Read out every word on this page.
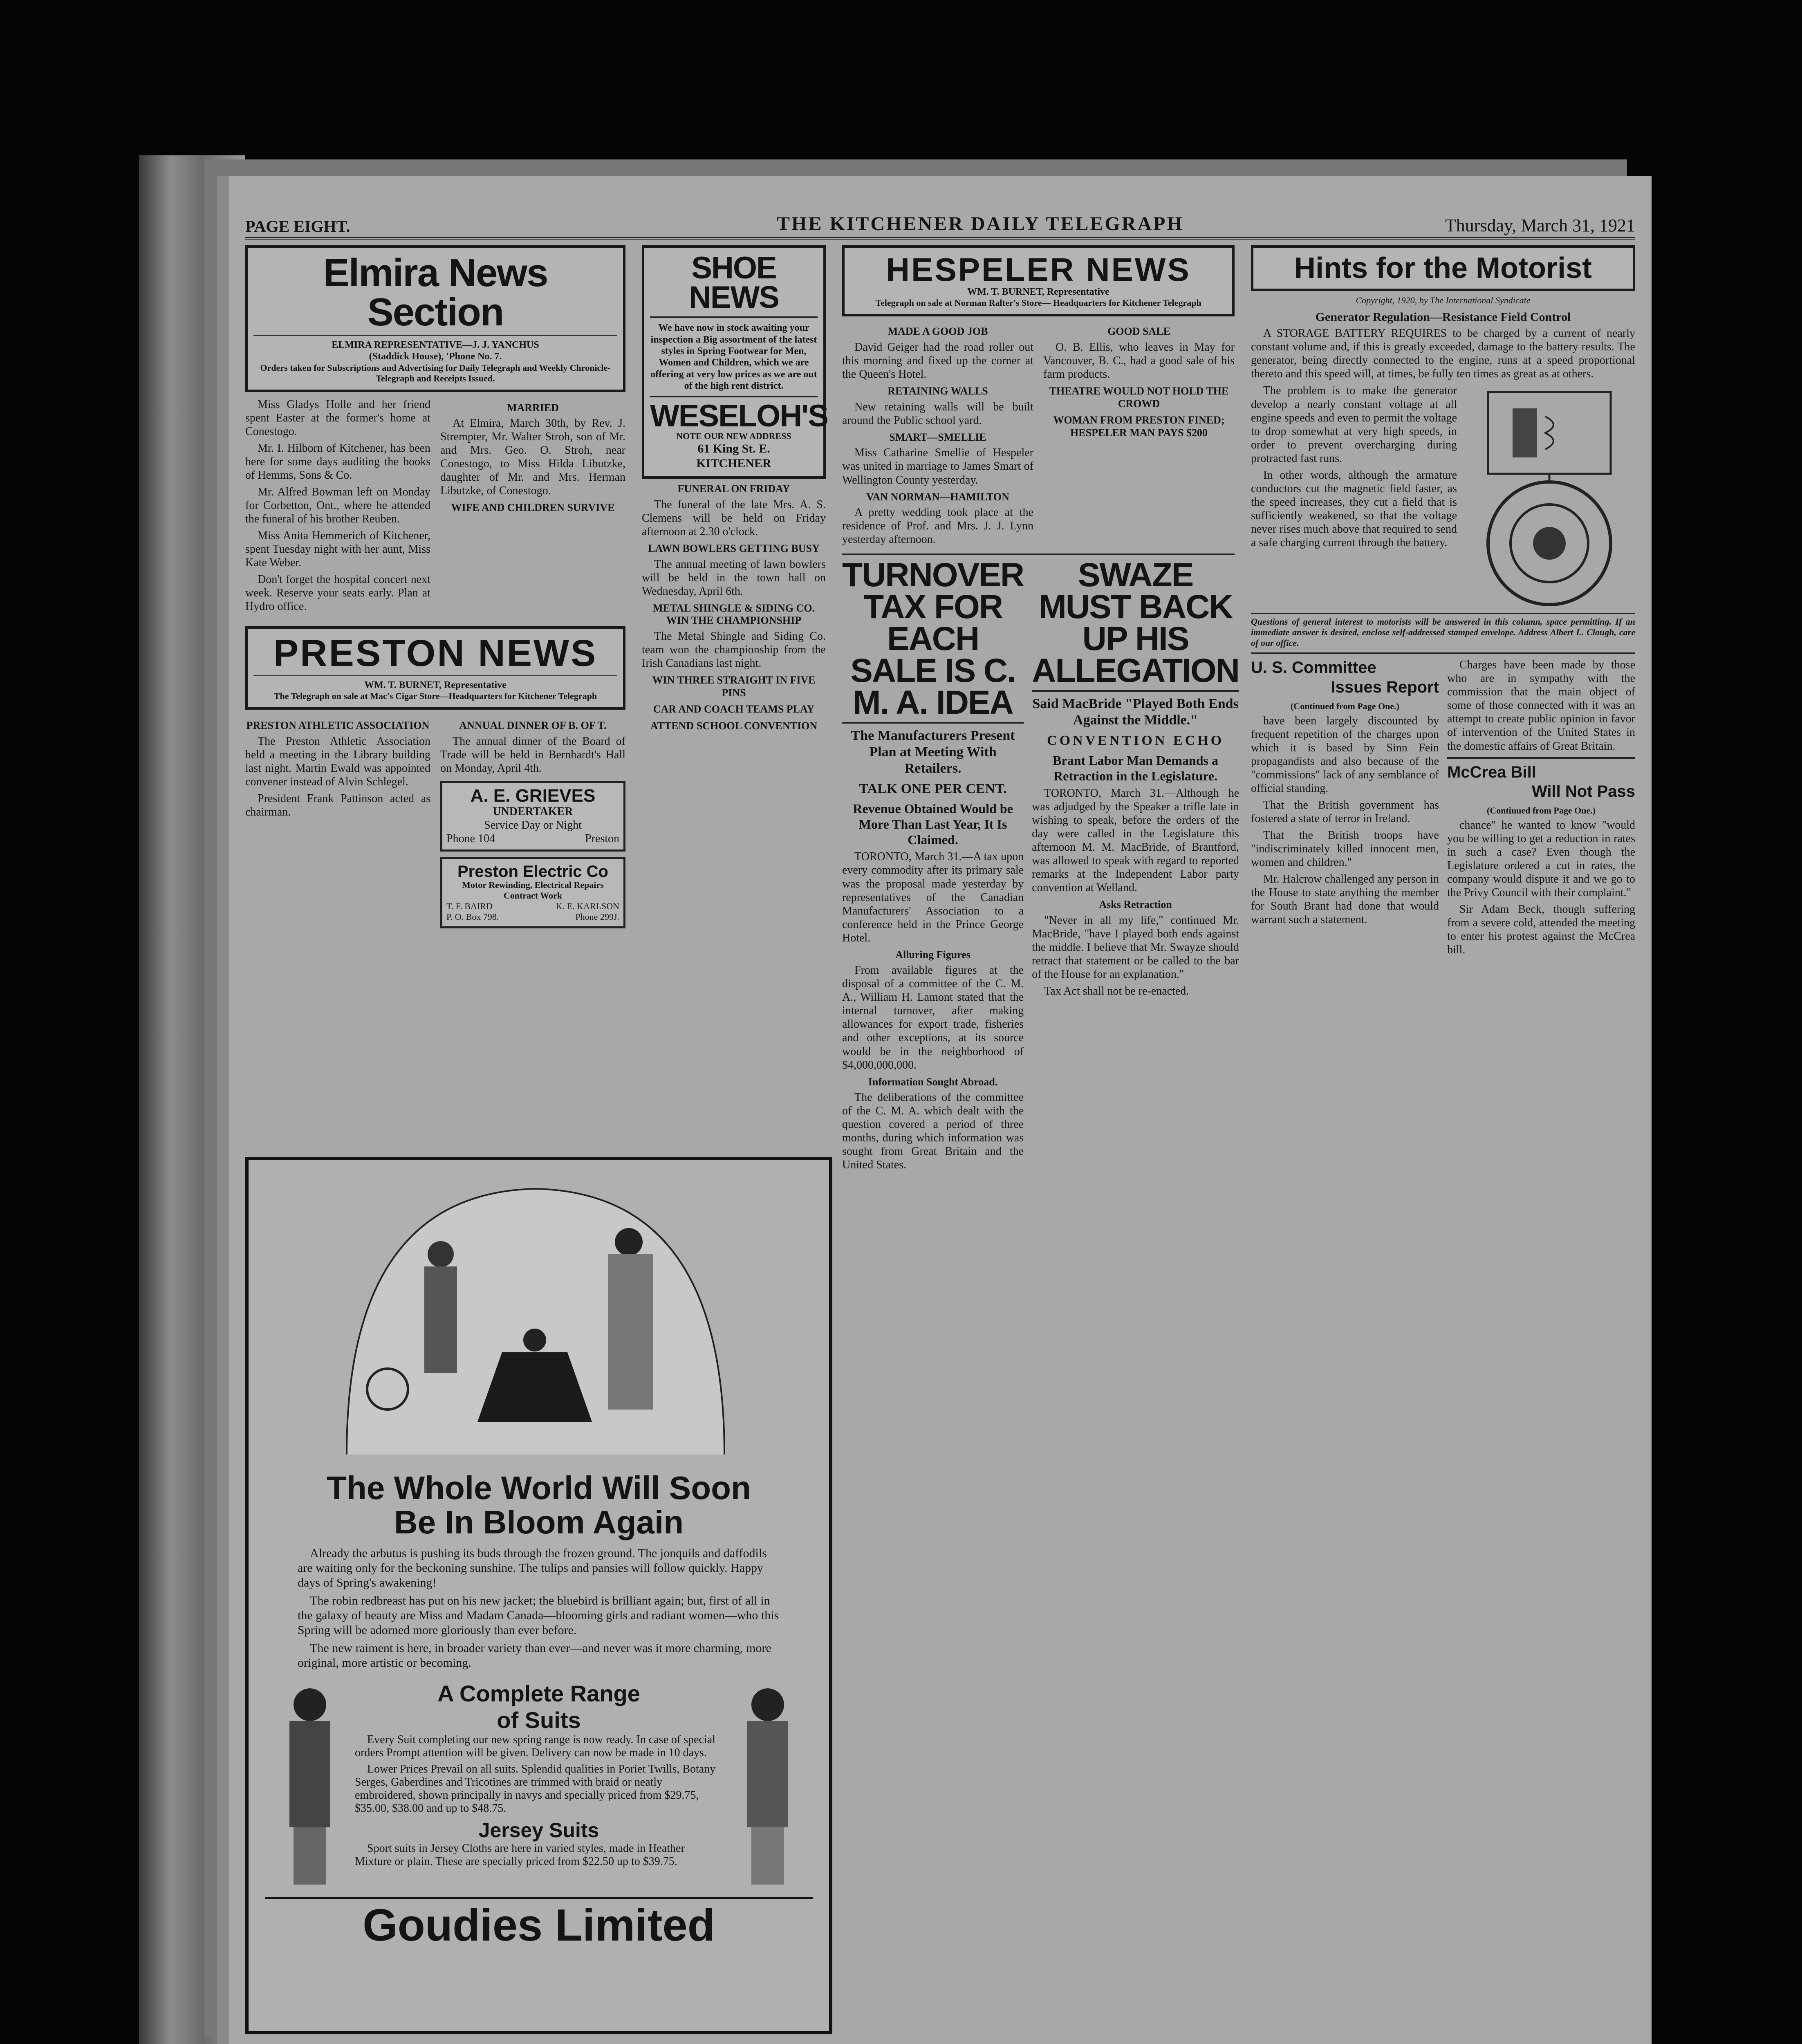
PAGE EIGHT.	THE KITCHENER DAILY TELEGRAPH	Thursday, March 31, 1921
Elmira News Section
ELMIRA REPRESENTATIVE—J. J. YANCHUS
(Staddick House), 'Phone No. 7.
Orders taken for Subscriptions and Advertising for Daily Telegraph and Weekly Chronicle-Telegraph and Receipts Issued.

Miss Gladys Holle and her friend spent Easter at the former's home at Conestogo.

Mr. I. Hilborn of Kitchener, has been here for some days auditing the books of Hemms, Sons & Co.

Mr. Alfred Bowman left on Monday for Corbetton, Ont., where he attended the funeral of his brother Reuben.

Miss Anita Hemmerich of Kitchener, spent Tuesday night with her aunt, Miss Kate Weber.

Don't forget the hospital concert next week. Reserve your seats early. Plan at Hydro office.

MARRIED

At Elmira, March 30th, by Rev. J. Strempter, Mr. Walter Stroh, son of Mr. and Mrs. Geo. O. Stroh, near Conestogo, to Miss Hilda Libutzke, daughter of Mr. and Mrs. Herman Libutzke, of Conestogo.

WIFE AND CHILDREN SURVIVE
PRESTON NEWS
WM. T. BURNET, Representative
The Telegraph on sale at Mac's Cigar Store—Headquarters for Kitchener Telegraph
PRESTON ATHLETIC ASSOCIATION

The Preston Athletic Association held a meeting in the Library building last night. Martin Ewald was appointed convener instead of Alvin Schlegel.

President Frank Pattinson acted as chairman.

ANNUAL DINNER OF B. OF T.

The annual dinner of the Board of Trade will be held in Bernhardt's Hall on Monday, April 4th.

A. E. GRIEVES
UNDERTAKER
Service Day or Night
Phone 104	Preston
Preston Electric Co
Motor Rewinding, Electrical Repairs Contract Work
T. F. BAIRD	K. E. KARLSON
P. O. Box 798.	Phone 299J.
SHOE NEWS
We have now in stock awaiting your inspection a Big assortment of the latest styles in Spring Footwear for Men, Women and Children, which we are offering at very low prices as we are out of the high rent district.
WESELOH'S
NOTE OUR NEW ADDRESS
61 King St. E.
KITCHENER
FUNERAL ON FRIDAY

The funeral of the late Mrs. A. S. Clemens will be held on Friday afternoon at 2.30 o'clock.

LAWN BOWLERS GETTING BUSY

The annual meeting of lawn bowlers will be held in the town hall on Wednesday, April 6th.

METAL SHINGLE & SIDING CO. WIN THE CHAMPIONSHIP

The Metal Shingle and Siding Co. team won the championship from the Irish Canadians last night.

WIN THREE STRAIGHT IN FIVE PINS
CAR AND COACH TEAMS PLAY
ATTEND SCHOOL CONVENTION
HESPELER NEWS
WM. T. BURNET, Representative
Telegraph on sale at Norman Ralter's Store— Headquarters for Kitchener Telegraph
MADE A GOOD JOB

David Geiger had the road roller out this morning and fixed up the corner at the Queen's Hotel.

RETAINING WALLS

New retaining walls will be built around the Public school yard.

SMART—SMELLIE

Miss Catharine Smellie of Hespeler was united in marriage to James Smart of Wellington County yesterday.

VAN NORMAN—HAMILTON

A pretty wedding took place at the residence of Prof. and Mrs. J. J. Lynn yesterday afternoon.

GOOD SALE

O. B. Ellis, who leaves in May for Vancouver, B. C., had a good sale of his farm products.

THEATRE WOULD NOT HOLD THE CROWD
WOMAN FROM PRESTON FINED; HESPELER MAN PAYS $200
TURNOVER TAX FOR EACH SALE IS C. M. A. IDEA
The Manufacturers Present Plan at Meeting With Retailers.
TALK ONE PER CENT.
Revenue Obtained Would be More Than Last Year, It Is Claimed.

TORONTO, March 31.—A tax upon every commodity after its primary sale was the proposal made yesterday by representatives of the Canadian Manufacturers' Association to a conference held in the Prince George Hotel.

Alluring Figures

From available figures at the disposal of a committee of the C. M. A., William H. Lamont stated that the internal turnover, after making allowances for export trade, fisheries and other exceptions, at its source would be in the neighborhood of $4,000,000,000.

Information Sought Abroad.

The deliberations of the committee of the C. M. A. which dealt with the question covered a period of three months, during which information was sought from Great Britain and the United States.

SWAZE MUST BACK UP HIS ALLEGATION
Said MacBride "Played Both Ends Against the Middle."
CONVENTION ECHO
Brant Labor Man Demands a Retraction in the Legislature.

TORONTO, March 31.—Although he was adjudged by the Speaker a trifle late in wishing to speak, before the orders of the day were called in the Legislature this afternoon M. M. MacBride, of Brantford, was allowed to speak with regard to reported remarks at the Independent Labor party convention at Welland.

Asks Retraction

"Never in all my life," continued Mr. MacBride, "have I played both ends against the middle. I believe that Mr. Swayze should retract that statement or be called to the bar of the House for an explanation."

Tax Act shall not be re-enacted.

Hints for the Motorist
Copyright, 1920, by The International Syndicate
Generator Regulation—Resistance Field Control

A STORAGE BATTERY REQUIRES to be charged by a current of nearly constant volume and, if this is greatly exceeded, damage to the battery results. The generator, being directly connected to the engine, runs at a speed proportional thereto and this speed will, at times, be fully ten times as great as at others.

The problem is to make the generator develop a nearly constant voltage at all engine speeds and even to permit the voltage to drop somewhat at very high speeds, in order to prevent overcharging during protracted fast runs.

In other words, although the armature conductors cut the magnetic field faster, as the speed increases, they cut a field that is sufficiently weakened, so that the voltage never rises much above that required to send a safe charging current through the battery.

Questions of general interest to motorists will be answered in this column, space permitting. If an immediate answer is desired, enclose self-addressed stamped envelope. Address Albert L. Clough, care of our office.
U. S. Committee
Issues Report
(Continued from Page One.)

have been largely discounted by frequent repetition of the charges upon which it is based by Sinn Fein propagandists and also because of the "commissions" lack of any semblance of official standing.

That the British government has fostered a state of terror in Ireland.

That the British troops have "indiscriminately killed innocent men, women and children."

Mr. Halcrow challenged any person in the House to state anything the member for South Brant had done that would warrant such a statement.

Charges have been made by those who are in sympathy with the commission that the main object of some of those connected with it was an attempt to create public opinion in favor of intervention of the United States in the domestic affairs of Great Britain.

McCrea Bill
Will Not Pass
(Continued from Page One.)

chance" he wanted to know "would you be willing to get a reduction in rates in such a case? Even though the Legislature ordered a cut in rates, the company would dispute it and we go to the Privy Council with their complaint."

Sir Adam Beck, though suffering from a severe cold, attended the meeting to enter his protest against the McCrea bill.

The Whole World Will Soon
Be In Bloom Again

Already the arbutus is pushing its buds through the frozen ground. The jonquils and daffodils are waiting only for the beckoning sunshine. The tulips and pansies will follow quickly. Happy days of Spring's awakening!

The robin redbreast has put on his new jacket; the bluebird is brilliant again; but, first of all in the galaxy of beauty are Miss and Madam Canada—blooming girls and radiant women—who this Spring will be adorned more gloriously than ever before.

The new raiment is here, in broader variety than ever—and never was it more charming, more original, more artistic or becoming.

A Complete Range
of Suits

Every Suit completing our new spring range is now ready. In case of special orders Prompt attention will be given. Delivery can now be made in 10 days.

Lower Prices Prevail on all suits. Splendid qualities in Poriet Twills, Botany Serges, Gaberdines and Tricotines are trimmed with braid or neatly embroidered, shown principally in navys and specially priced from $29.75, $35.00, $38.00 and up to $48.75.

Jersey Suits

Sport suits in Jersey Cloths are here in varied styles, made in Heather Mixture or plain. These are specially priced from $22.50 up to $39.75.

Goudies Limited
